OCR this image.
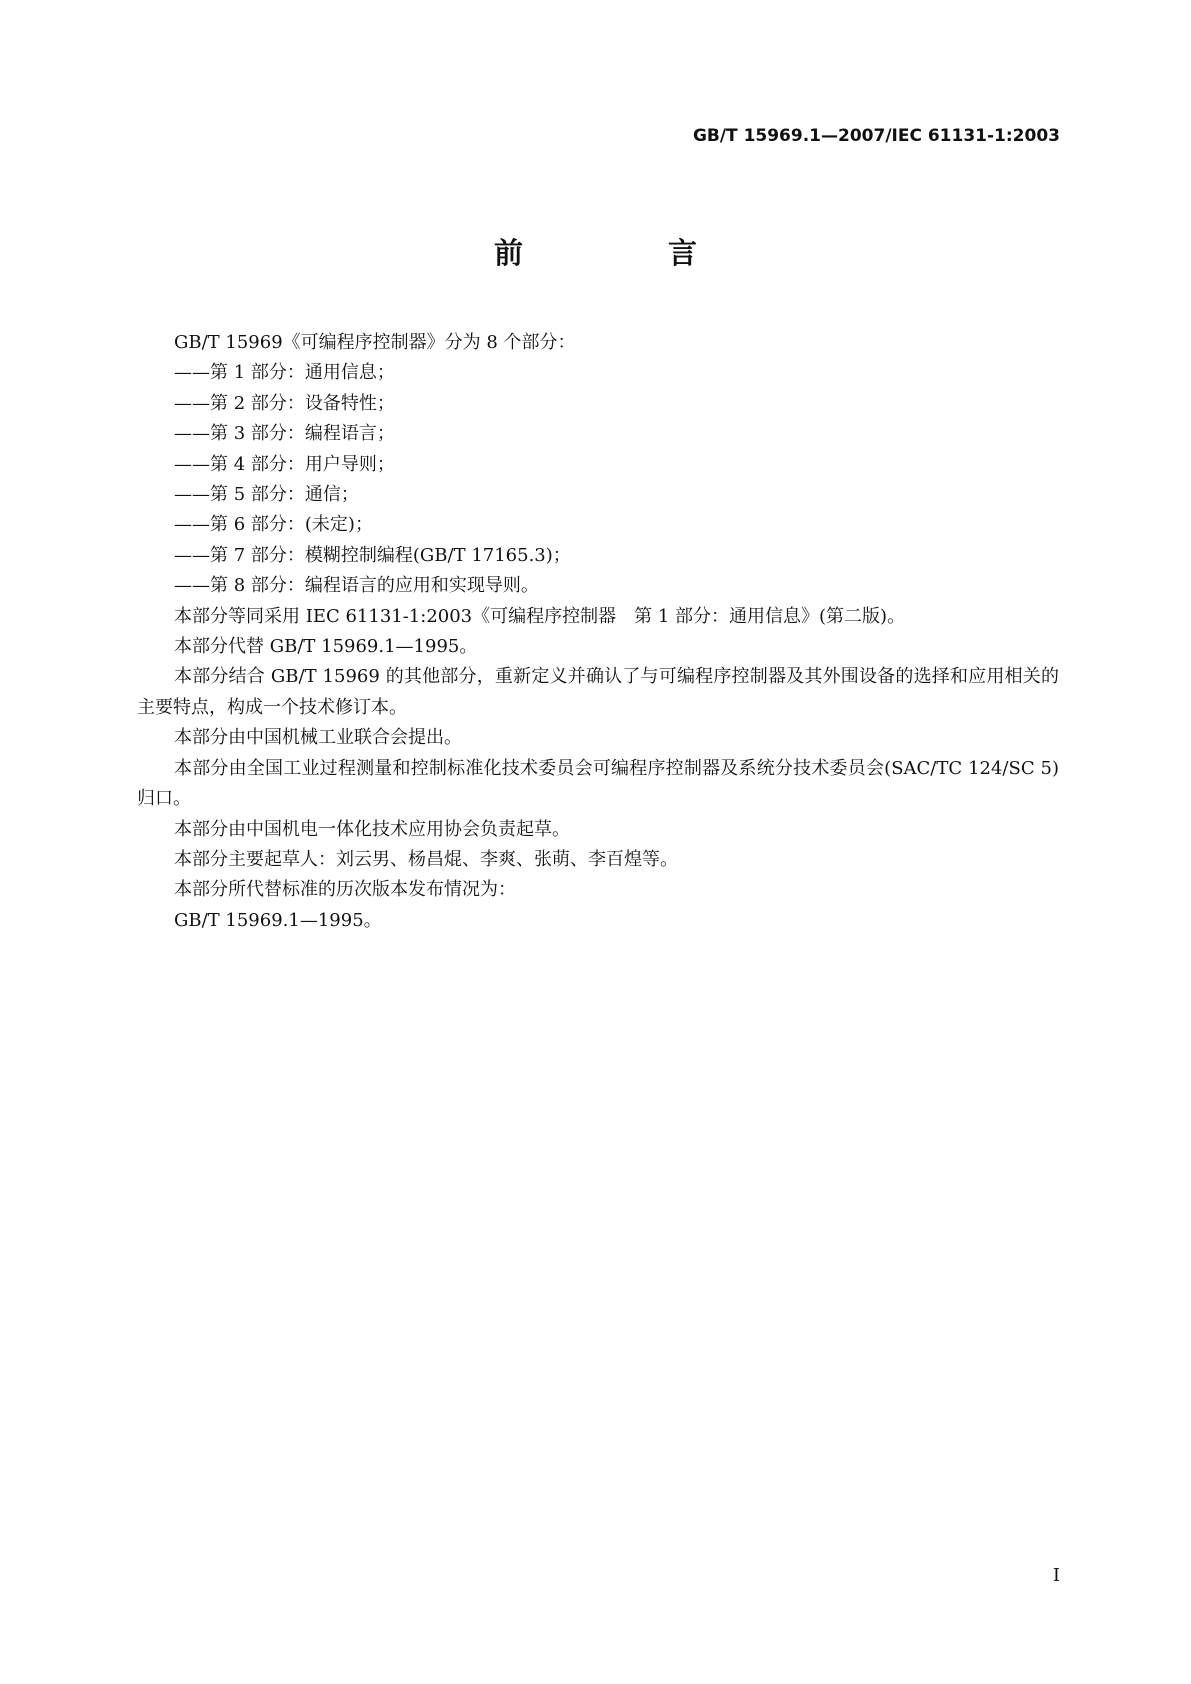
GB/T 15969.1—2007/IEC 61131-1:2003
前　言

GB/T 15969《可编程序控制器》分为 8 个部分：

——第 1 部分：通用信息；

——第 2 部分：设备特性；

——第 3 部分：编程语言；

——第 4 部分：用户导则；

——第 5 部分：通信；

——第 6 部分：(未定)；

——第 7 部分：模糊控制编程(GB/T 17165.3)；

——第 8 部分：编程语言的应用和实现导则。

本部分等同采用 IEC 61131-1:2003《可编程序控制器　第 1 部分：通用信息》(第二版)。

本部分代替 GB/T 15969.1—1995。

本部分结合 GB/T 15969 的其他部分，重新定义并确认了与可编程序控制器及其外围设备的选择和应用相关的主要特点，构成一个技术修订本。

本部分由中国机械工业联合会提出。

本部分由全国工业过程测量和控制标准化技术委员会可编程序控制器及系统分技术委员会(SAC/TC 124/SC 5)归口。

本部分由中国机电一体化技术应用协会负责起草。

本部分主要起草人：刘云男、杨昌焜、李爽、张萌、李百煌等。

本部分所代替标准的历次版本发布情况为：

GB/T 15969.1—1995。

I
